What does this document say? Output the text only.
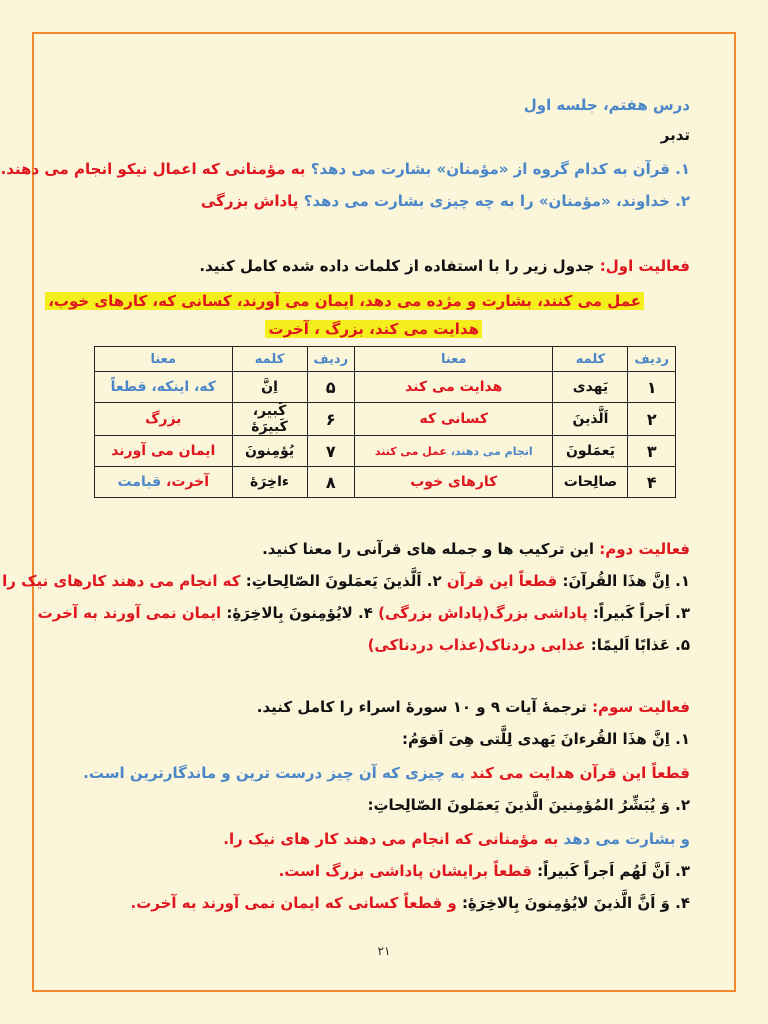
درس هفتم، جلسه اول
تدبر
۱. قرآن به کدام گروه از «مؤمنان» بشارت می دهد؟ به مؤمنانی که اعمال نیکو انجام می دهند.
۲. خداوند، «مؤمنان» را به چه چیزی بشارت می دهد؟ پاداش بزرگی
فعالیت اول: جدول زیر را با استفاده از کلمات داده شده کامل کنید.
عمل می کنند، بشارت و مژده می دهد، ایمان می آورند، کسانی که، کارهای خوب،
هدایت می کند، بزرگ ، آخرت
ردیف	کلمه	معنا	ردیف	کلمه	معنا
۱	یَهدی	هدایت می کند	۵	اِنَّ	که، اینکه، قطعاً
۲	اَلَّذینَ	کسانی که	۶	کَبیر، کَبیرَۀ	بزرگ
۳	یَعمَلونَ	انجام می دهند، عمل می کنند	۷	یُؤمِنونَ	ایمان می آورند
۴	صالِحات	کارهای خوب	۸	ءاخِرَۀ	آخرت، قیامت
فعالیت دوم: این ترکیب ها و جمله های قرآنی را معنا کنید.
۱. اِنَّ هذَا القُرآنَ: قطعاً این قرآن ۲. اَلَّذینَ یَعمَلونَ الصّالِحاتِ: که انجام می دهند کارهای نیک را
۳. اَجراً کَبیراً: پاداشی بزرگ(پاداش بزرگی) ۴. لایُؤمِنونَ بِالاخِرَۀِ: ایمان نمی آورند به آخرت
۵. عَذابًا اَلیمًا: عذابی دردناک(عذاب دردناکی)
فعالیت سوم: ترجمهٔ آیات ۹ و ۱۰ سورهٔ اسراء را کامل کنید.
۱. اِنَّ هذَا القُرءانَ یَهدی لِلَّتی هِیَ اَقوَمُ:
قطعاً این قرآن هدایت می کند به چیزی که آن چیز درست ترین و ماندگارترین است.
۲. وَ یُبَشِّرُ المُؤمِنینَ الَّذینَ یَعمَلونَ الصّالِحاتِ:
و بشارت می دهد به مؤمنانی که انجام می دهند کار های نیک را.
۳. اَنَّ لَهُم اَجراً کَبیراً: قطعاً برایشان پاداشی بزرگ است.
۴. وَ اَنَّ الَّذینَ لایُؤمِنونَ بِالاخِرَۀِ: و قطعاً کسانی که ایمان نمی آورند به آخرت.
۲۱
